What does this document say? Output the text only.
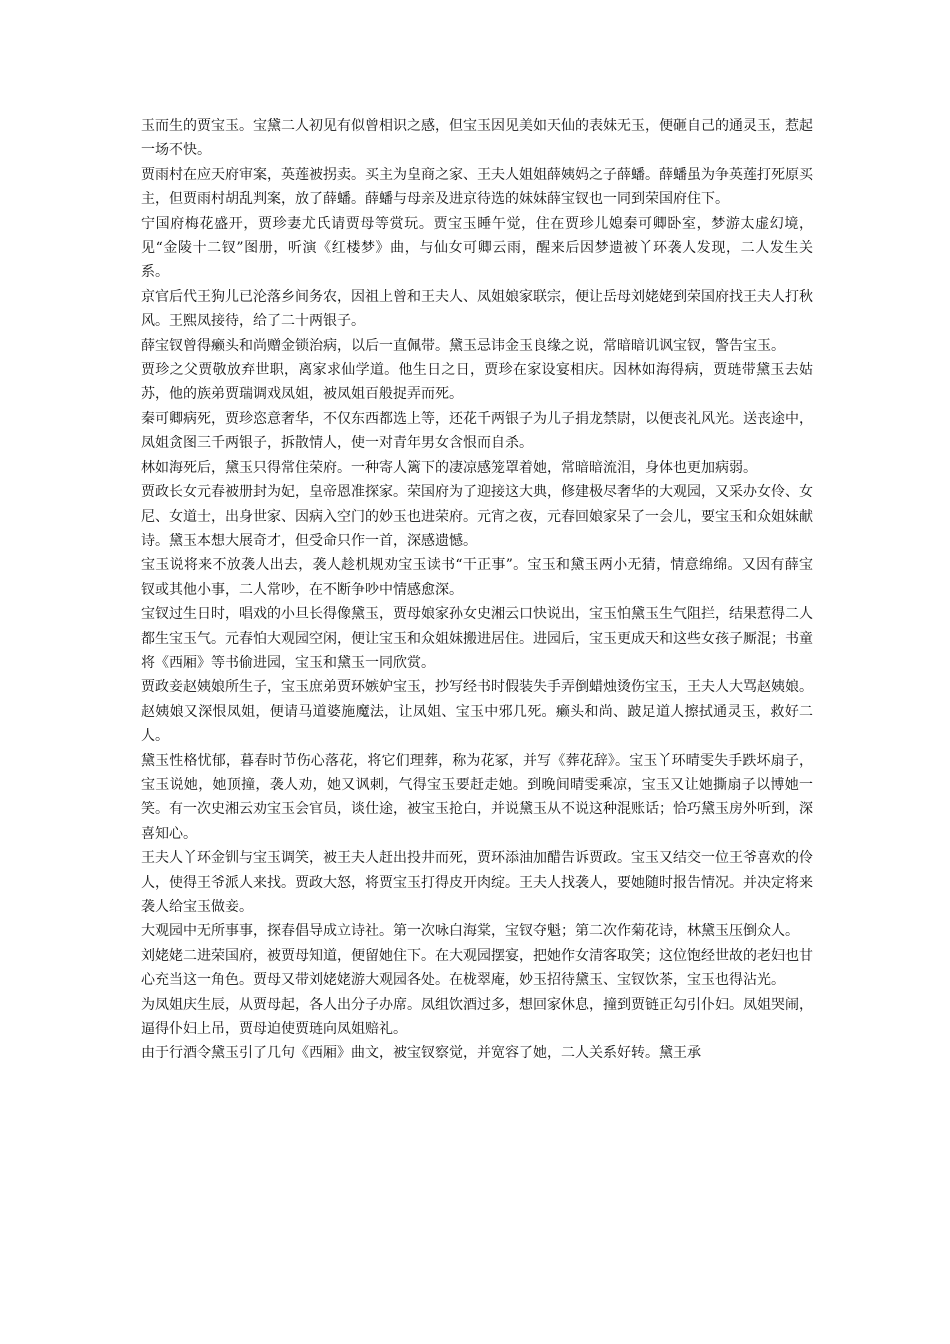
玉而生的贾宝玉。宝黛二人初见有似曾相识之感，但宝玉因见美如天仙的表妹无玉，便砸自己的通灵玉，惹起一场不快。

贾雨村在应天府审案，英莲被拐卖。买主为皇商之家、王夫人姐姐薛姨妈之子薛蟠。薛蟠虽为争英莲打死原买主，但贾雨村胡乱判案，放了薛蟠。薛蟠与母亲及进京待选的妹妹薛宝钗也一同到荣国府住下。

宁国府梅花盛开，贾珍妻尤氏请贾母等赏玩。贾宝玉睡午觉，住在贾珍儿媳秦可卿卧室，梦游太虚幻境，见“金陵十二钗”图册，听演《红楼梦》曲，与仙女可卿云雨，醒来后因梦遗被丫环袭人发现，二人发生关系。

京官后代王狗儿已沦落乡间务农，因祖上曾和王夫人、凤姐娘家联宗，便让岳母刘姥姥到荣国府找王夫人打秋风。王熙凤接待，给了二十两银子。

薛宝钗曾得癞头和尚赠金锁治病，以后一直佩带。黛玉忌讳金玉良缘之说，常暗暗讥讽宝钗，警告宝玉。

贾珍之父贾敬放弃世职，离家求仙学道。他生日之日，贾珍在家设宴相庆。因林如海得病，贾琏带黛玉去姑苏，他的族弟贾瑞调戏凤姐，被凤姐百般捉弄而死。

秦可卿病死，贾珍恣意奢华，不仅东西都选上等，还花千两银子为儿子捐龙禁尉，以便丧礼风光。送丧途中，凤姐贪图三千两银子，拆散情人，使一对青年男女含恨而自杀。

林如海死后，黛玉只得常住荣府。一种寄人篱下的凄凉感笼罩着她，常暗暗流泪，身体也更加病弱。

贾政长女元春被册封为妃，皇帝恩准探家。荣国府为了迎接这大典，修建极尽奢华的大观园，又采办女伶、女尼、女道士，出身世家、因病入空门的妙玉也进荣府。元宵之夜，元春回娘家呆了一会儿，要宝玉和众姐妹献诗。黛玉本想大展奇才，但受命只作一首，深感遗憾。

宝玉说将来不放袭人出去，袭人趁机规劝宝玉读书“干正事”。宝玉和黛玉两小无猜，情意绵绵。又因有薛宝钗或其他小事，二人常吵，在不断争吵中情感愈深。

宝钗过生日时，唱戏的小旦长得像黛玉，贾母娘家孙女史湘云口快说出，宝玉怕黛玉生气阻拦，结果惹得二人都生宝玉气。元春怕大观园空闲，便让宝玉和众姐妹搬进居住。进园后，宝玉更成天和这些女孩子厮混；书童将《西厢》等书偷进园，宝玉和黛玉一同欣赏。

贾政妾赵姨娘所生子，宝玉庶弟贾环嫉妒宝玉，抄写经书时假装失手弄倒蜡烛烫伤宝玉，王夫人大骂赵姨娘。赵姨娘又深恨凤姐，便请马道婆施魔法，让凤姐、宝玉中邪几死。癞头和尚、跛足道人擦拭通灵玉，救好二人。

黛玉性格忧郁，暮春时节伤心落花，将它们理葬，称为花冢，并写《葬花辞》。宝玉丫环晴雯失手跌坏扇子，宝玉说她，她顶撞，袭人劝，她又讽刺，气得宝玉要赶走她。到晚间晴雯乘凉，宝玉又让她撕扇子以博她一笑。有一次史湘云劝宝玉会官员，谈仕途，被宝玉抢白，并说黛玉从不说这种混账话；恰巧黛玉房外听到，深喜知心。

王夫人丫环金钏与宝玉调笑，被王夫人赶出投井而死，贾环添油加醋告诉贾政。宝玉又结交一位王爷喜欢的伶人，使得王爷派人来找。贾政大怒，将贾宝玉打得皮开肉绽。王夫人找袭人，要她随时报告情况。并决定将来袭人给宝玉做妾。

大观园中无所事事，探春倡导成立诗社。第一次咏白海棠，宝钗夺魁；第二次作菊花诗，林黛玉压倒众人。

刘姥姥二进荣国府，被贾母知道，便留她住下。在大观园摆宴，把她作女清客取笑；这位饱经世故的老妇也甘心充当这一角色。贾母又带刘姥姥游大观园各处。在栊翠庵，妙玉招待黛玉、宝钗饮茶，宝玉也得沾光。

为凤姐庆生辰，从贾母起，各人出分子办席。凤组饮酒过多，想回家休息，撞到贾链正勾引仆妇。凤姐哭闹，逼得仆妇上吊，贾母迫使贾琏向凤姐赔礼。

由于行酒令黛玉引了几句《西厢》曲文，被宝钗察觉，并宽容了她，二人关系好转。黛王承
